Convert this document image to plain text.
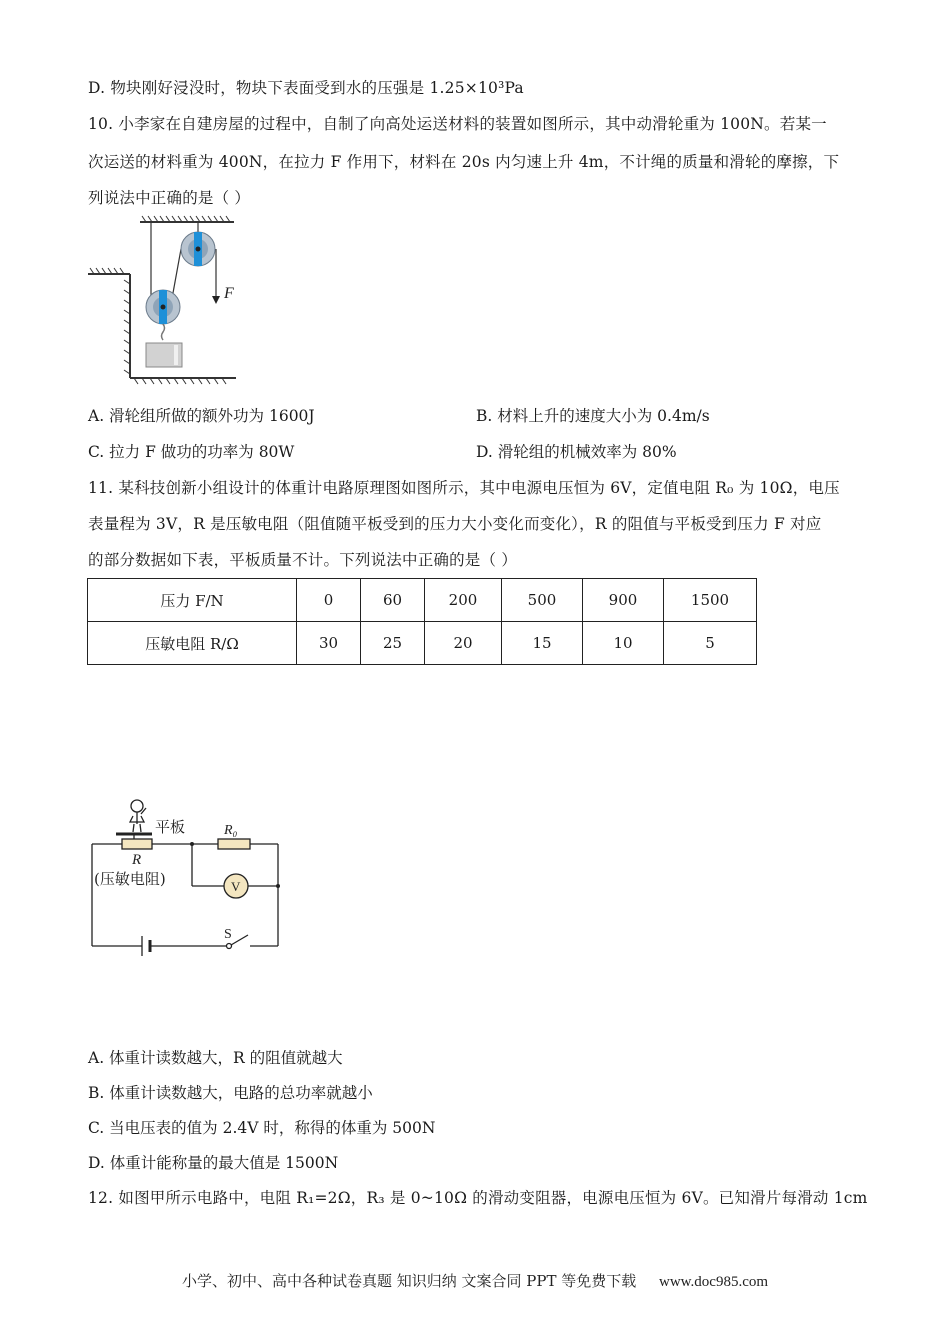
D. 物块刚好浸没时，物块下表面受到水的压强是 1.25×10³Pa
10. 小李家在自建房屋的过程中，自制了向高处运送材料的装置如图所示，其中动滑轮重为 100N。若某一
次运送的材料重为 400N，在拉力 F 作用下，材料在 20s 内匀速上升 4m，不计绳的质量和滑轮的摩擦，下
列说法中正确的是（ ）
F
A. 滑轮组所做的额外功为 1600J	B. 材料上升的速度大小为 0.4m/s
C. 拉力 F 做功的功率为 80W	D. 滑轮组的机械效率为 80%
11. 某科技创新小组设计的体重计电路原理图如图所示，其中电源电压恒为 6V，定值电阻 R₀ 为 10Ω，电压
表量程为 3V，R 是压敏电阻（阻值随平板受到的压力大小变化而变化），R 的阻值与平板受到压力 F 对应
的部分数据如下表，平板质量不计。下列说法中正确的是（ ）
压力 F/N	0	60	200	500	900	1500
压敏电阻 R/Ω	30	25	20	15	10	5
平板	R₀
R
(压敏电阻)	V
S
A. 体重计读数越大，R 的阻值就越大
B. 体重计读数越大，电路的总功率就越小
C. 当电压表的值为 2.4V 时，称得的体重为 500N
D. 体重计能称量的最大值是 1500N
12. 如图甲所示电路中，电阻 R₁=2Ω，R₃ 是 0~10Ω 的滑动变阻器，电源电压恒为 6V。已知滑片每滑动 1cm
小学、初中、高中各种试卷真题 知识归纳 文案合同 PPT 等免费下载 www.doc985.com
